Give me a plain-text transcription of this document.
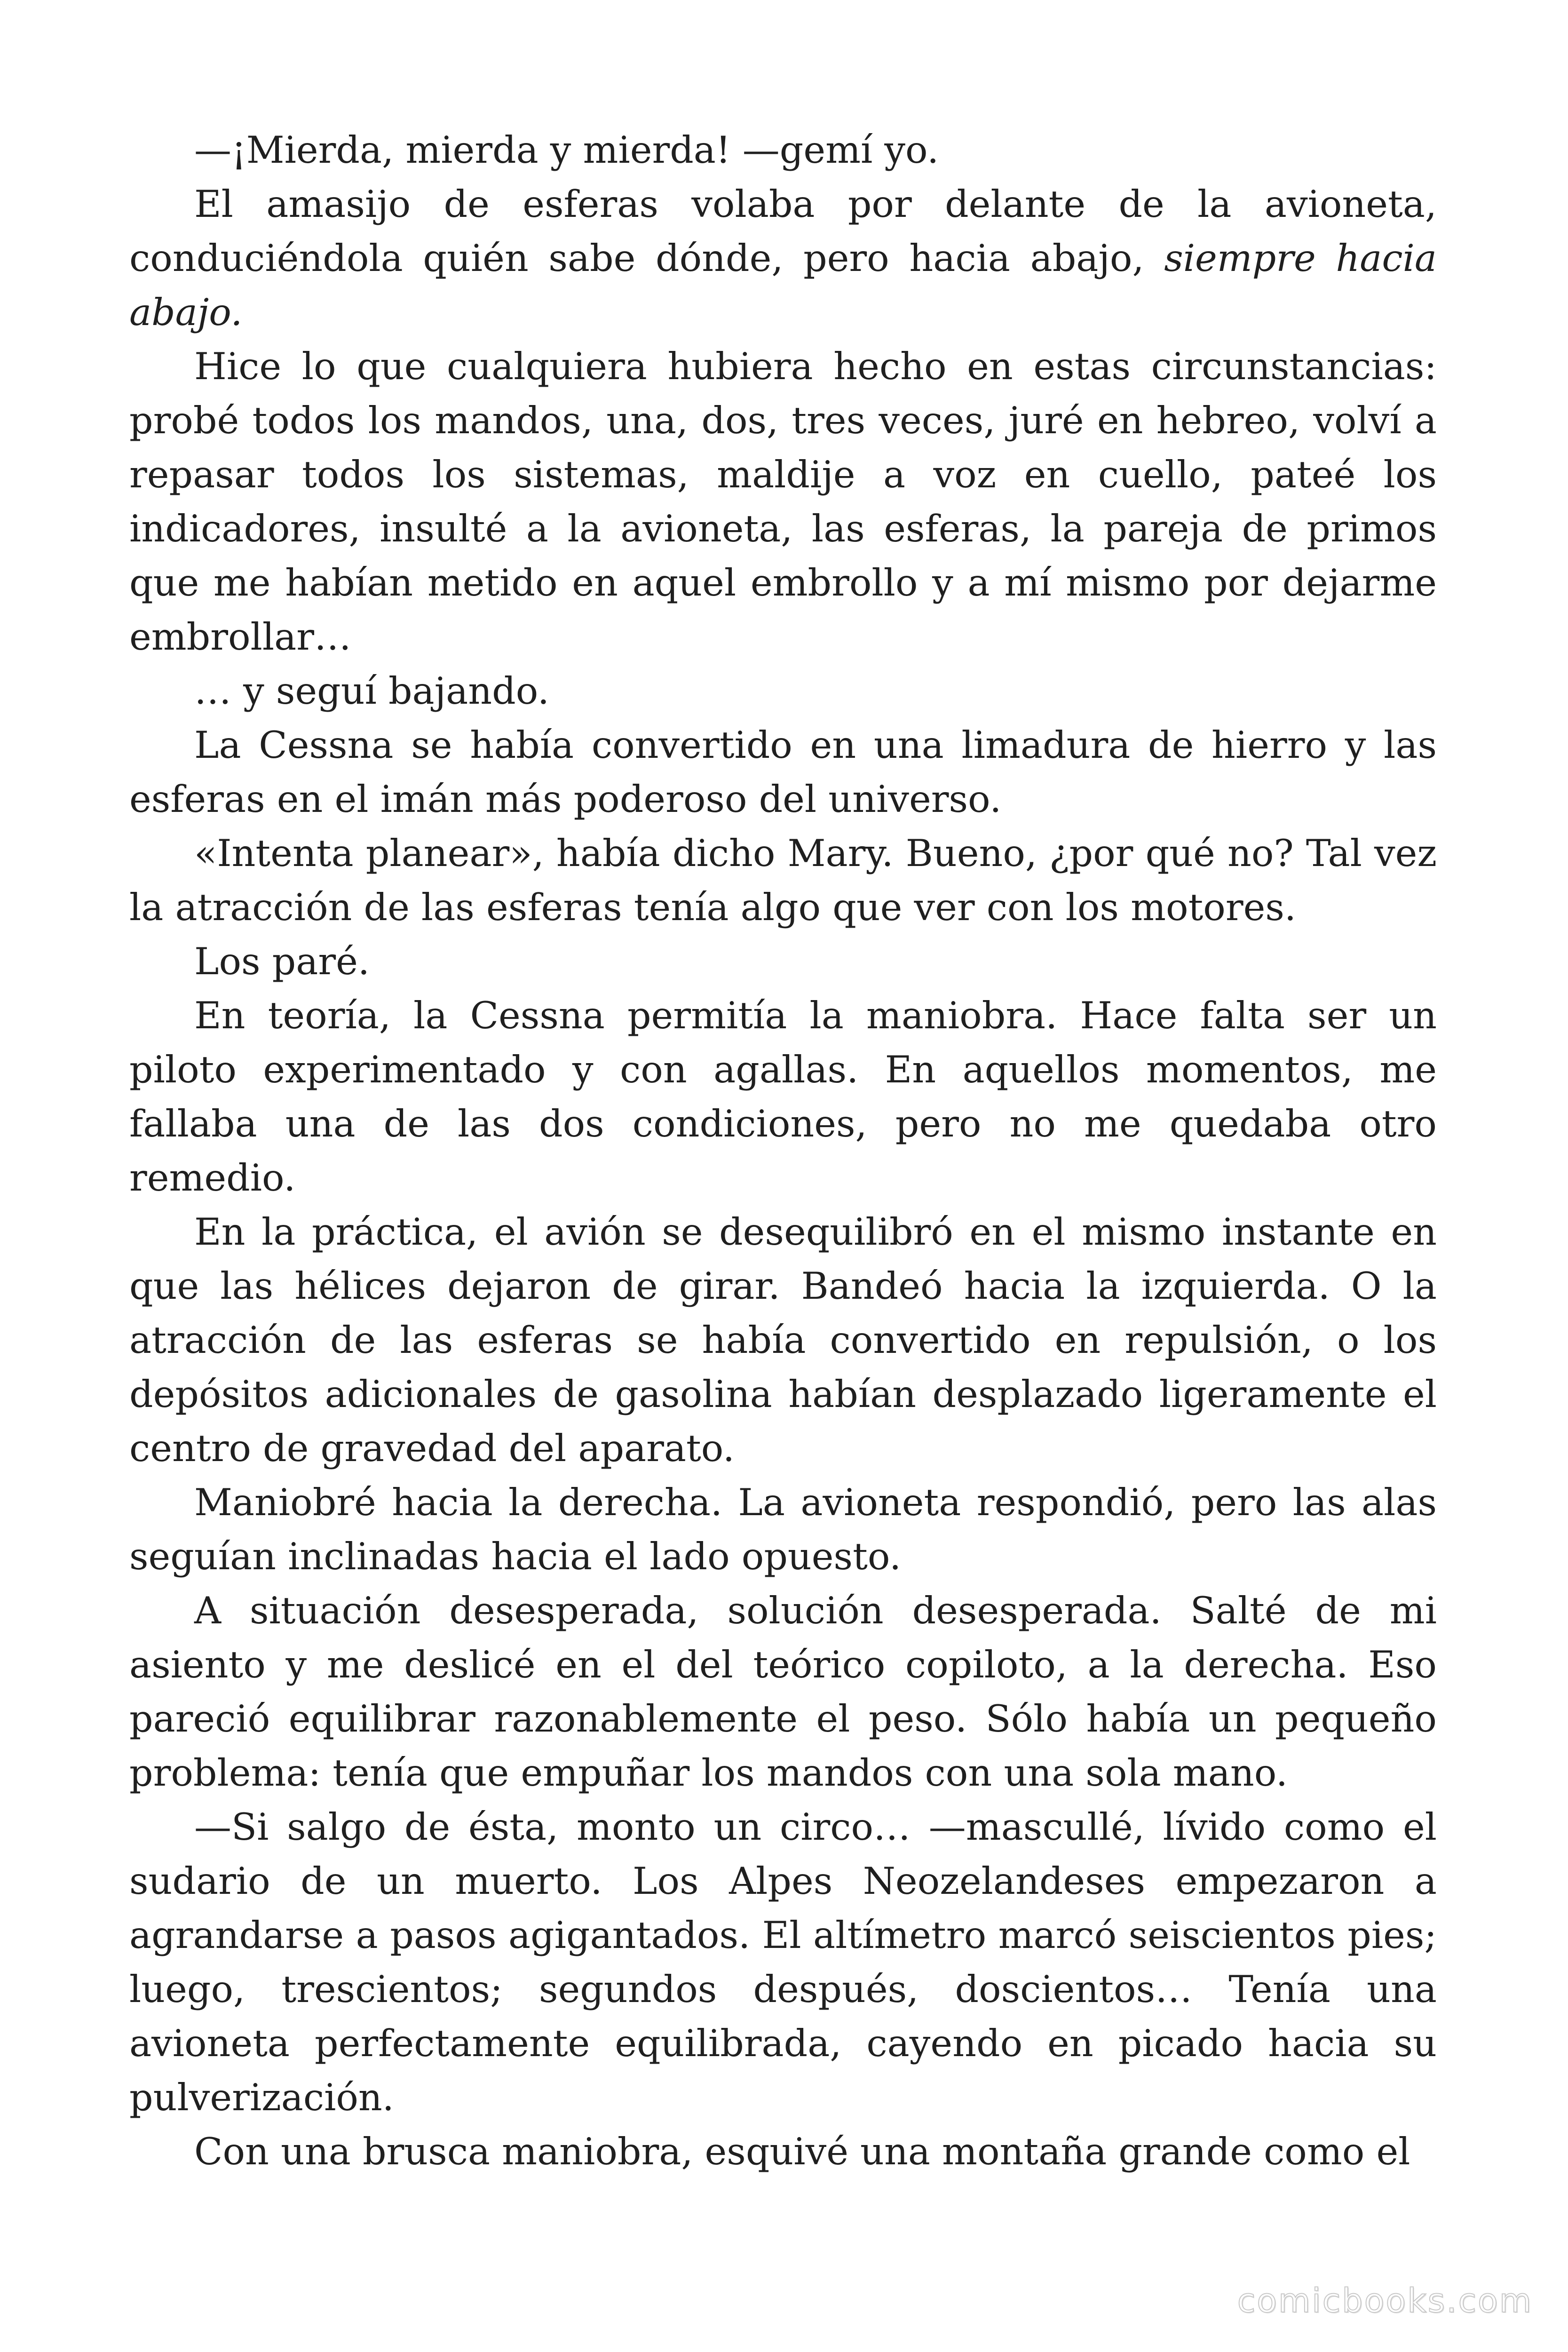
—¡Mierda, mierda y mierda! —gemí yo.

El amasijo de esferas volaba por delante de la avioneta, conduciéndola quién sabe dónde, pero hacia abajo, siempre hacia abajo.

Hice lo que cualquiera hubiera hecho en estas circunstancias: probé todos los mandos, una, dos, tres veces, juré en hebreo, volví a repasar todos los sistemas, maldije a voz en cuello, pateé los indicadores, insulté a la avioneta, las esferas, la pareja de primos que me habían metido en aquel embrollo y a mí mismo por dejarme embrollar…

… y seguí bajando.

La Cessna se había convertido en una limadura de hierro y las esferas en el imán más poderoso del universo.

«Intenta planear», había dicho Mary. Bueno, ¿por qué no? Tal vez la atracción de las esferas tenía algo que ver con los motores.

Los paré.

En teoría, la Cessna permitía la maniobra. Hace falta ser un piloto experimentado y con agallas. En aquellos momentos, me fallaba una de las dos condiciones, pero no me quedaba otro remedio.

En la práctica, el avión se desequilibró en el mismo instante en que las hélices dejaron de girar. Bandeó hacia la izquierda. O la atracción de las esferas se había convertido en repulsión, o los depósitos adicionales de gasolina habían desplazado ligeramente el centro de gravedad del aparato.

Maniobré hacia la derecha. La avioneta respondió, pero las alas seguían inclinadas hacia el lado opuesto.

A situación desesperada, solución desesperada. Salté de mi asiento y me deslicé en el del teórico copiloto, a la derecha. Eso pareció equilibrar razonablemente el peso. Sólo había un pequeño problema: tenía que empuñar los mandos con una sola mano.

—Si salgo de ésta, monto un circo… —mascullé, lívido como el sudario de un muerto. Los Alpes Neozelandeses empezaron a agrandarse a pasos agigantados. El altímetro marcó seiscientos pies; luego, trescientos; segundos después, doscientos… Tenía una avioneta perfectamente equilibrada, cayendo en picado hacia su pulverización.

Con una brusca maniobra, esquivé una montaña grande como el

comicbooks.com
